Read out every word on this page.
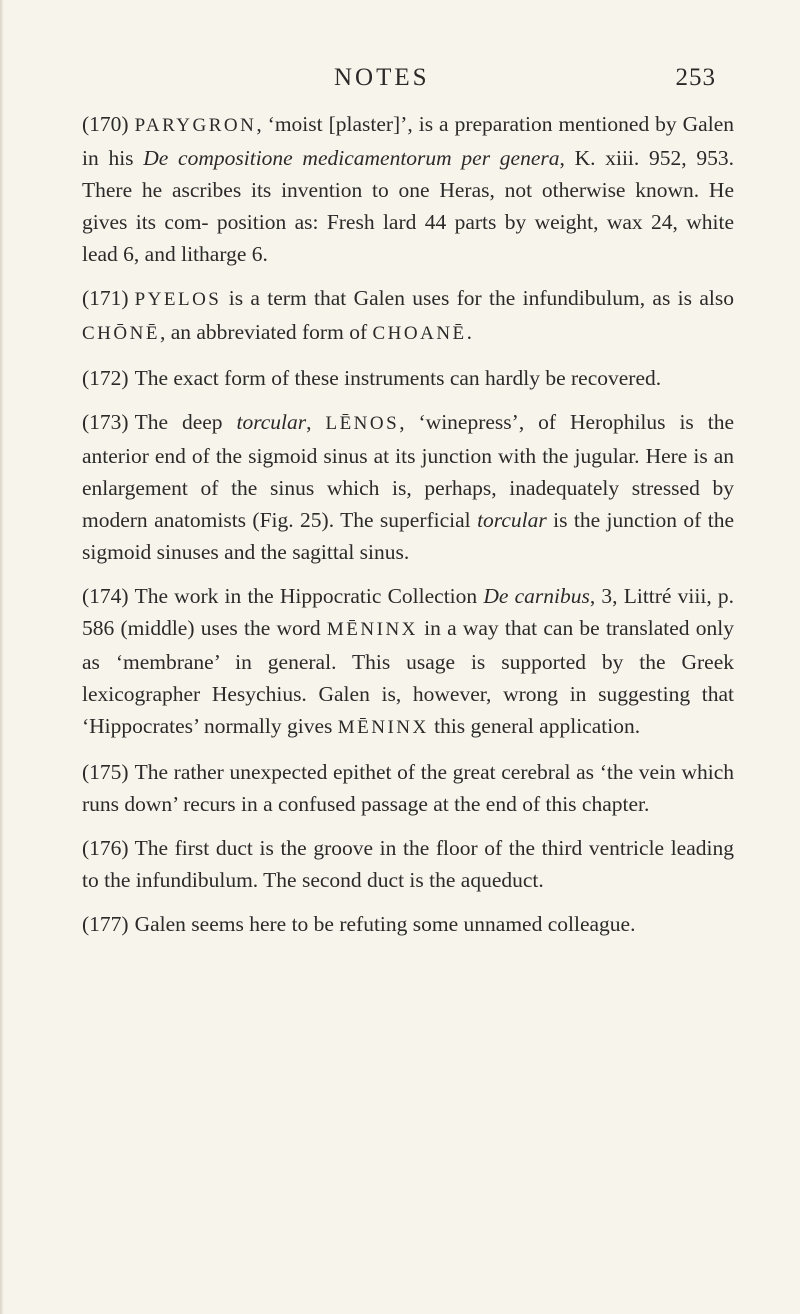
NOTES	253

(170) PARYGRON, ‘moist [plaster]’, is a preparation mentioned by Galen in his De compositione medicamentorum per genera, K. xiii. 952, 953. There he ascribes its invention to one Heras, not otherwise known. He gives its com‑ position as: Fresh lard 44 parts by weight, wax 24, white lead 6, and litharge 6.

(171) PYELOS is a term that Galen uses for the infundibulum, as is also CHŌNĒ, an abbreviated form of CHOANĒ.

(172) The exact form of these instruments can hardly be recovered.

(173) The deep torcular, LĒNOS, ‘winepress’, of Herophilus is the anterior end of the sigmoid sinus at its junction with the jugular. Here is an enlargement of the sinus which is, perhaps, inadequately stressed by modern anatomists (Fig. 25). The superficial torcular is the junction of the sigmoid sinuses and the sagittal sinus.

(174) The work in the Hippocratic Collection De carnibus, 3, Littré viii, p. 586 (middle) uses the word MĒNINX in a way that can be translated only as ‘membrane’ in general. This usage is supported by the Greek lexicographer Hesychius. Galen is, however, wrong in suggesting that ‘Hippocrates’ normally gives MĒNINX this general application.

(175) The rather unexpected epithet of the great cerebral as ‘the vein which runs down’ recurs in a confused passage at the end of this chapter.

(176) The first duct is the groove in the floor of the third ventricle leading to the infundibulum. The second duct is the aqueduct.

(177) Galen seems here to be refuting some unnamed colleague.
